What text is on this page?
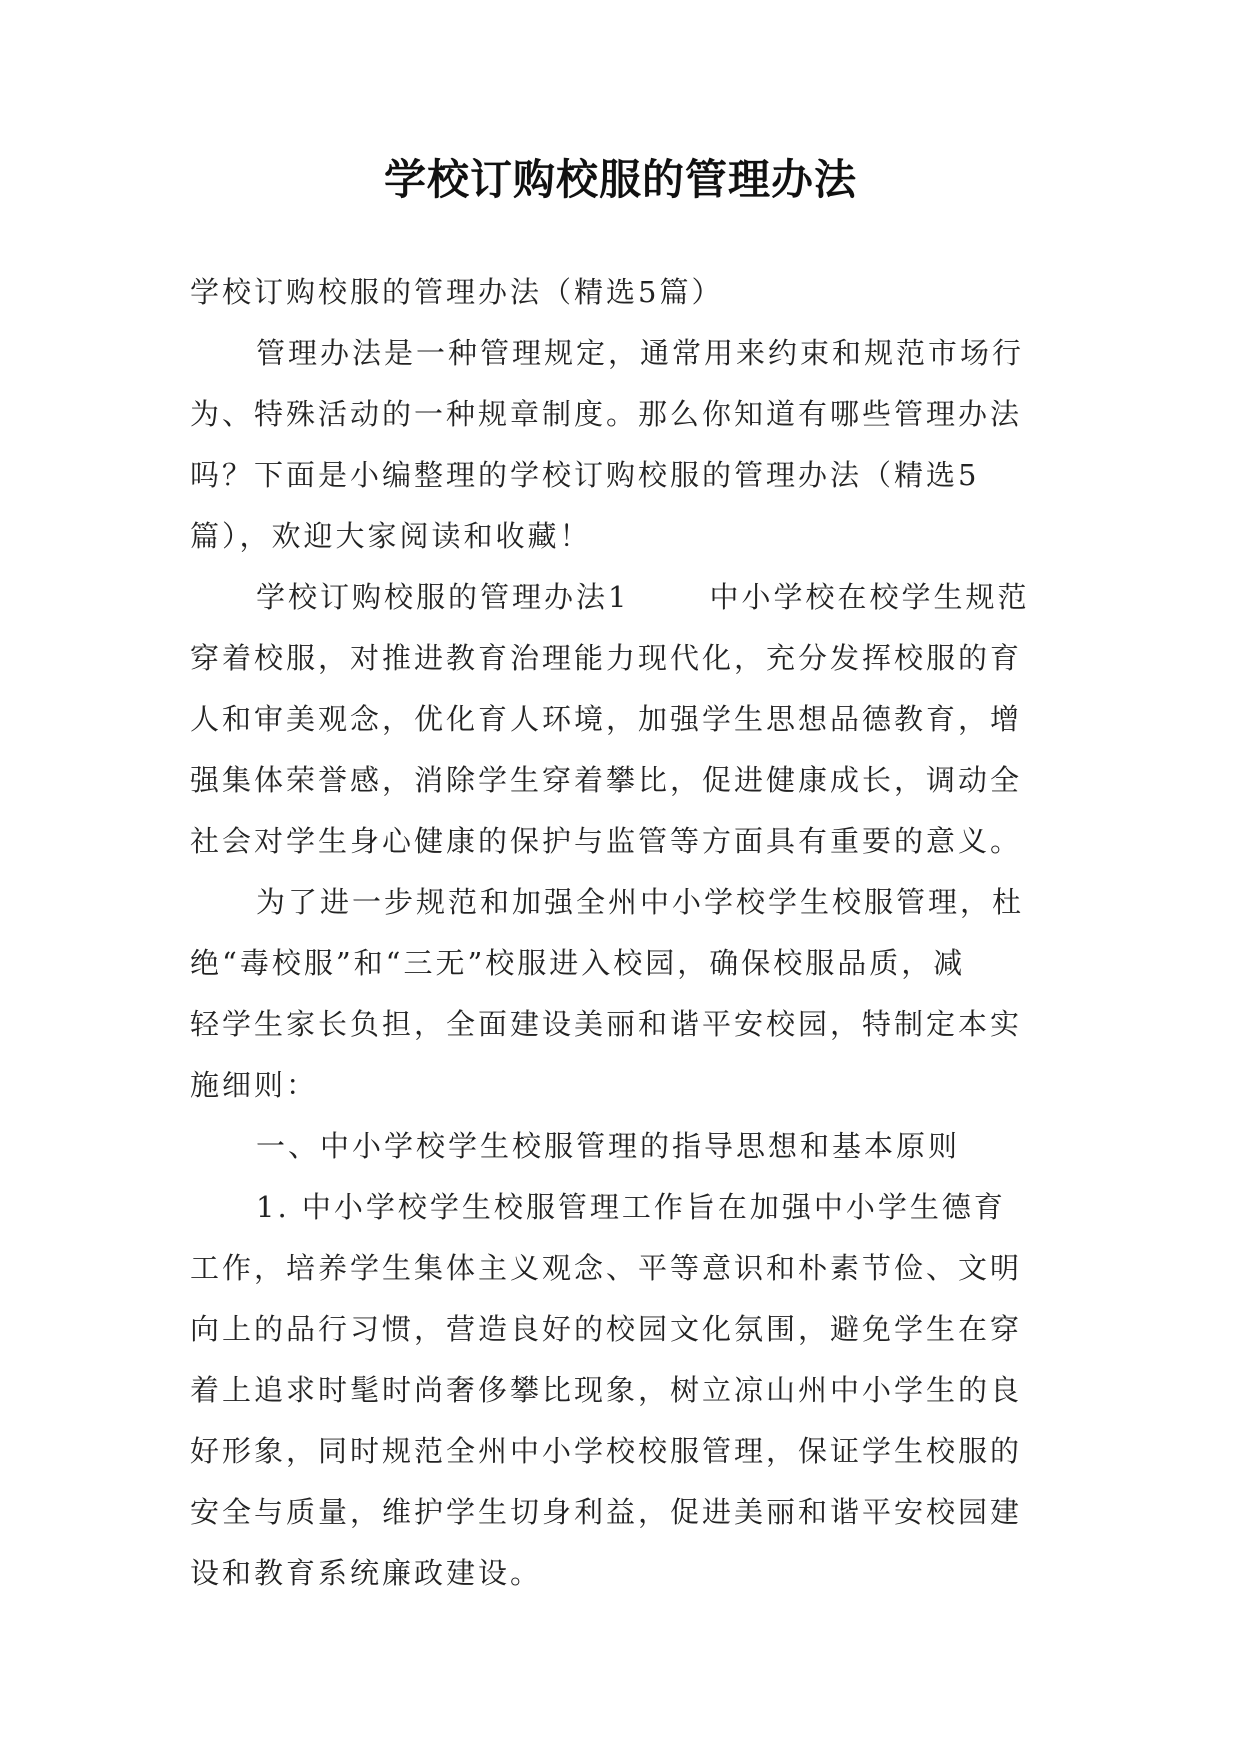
学校订购校服的管理办法
学校订购校服的管理办法（精选5篇）
管理办法是一种管理规定，通常用来约束和规范市场行
为、特殊活动的一种规章制度。那么你知道有哪些管理办法
吗？下面是小编整理的学校订购校服的管理办法（精选5
篇），欢迎大家阅读和收藏！
学校订购校服的管理办法1	中小学校在校学生规范
穿着校服，对推进教育治理能力现代化，充分发挥校服的育
人和审美观念，优化育人环境，加强学生思想品德教育，增
强集体荣誉感，消除学生穿着攀比，促进健康成长，调动全
社会对学生身心健康的保护与监管等方面具有重要的意义。
为了进一步规范和加强全州中小学校学生校服管理，杜
绝“毒校服”和“三无”校服进入校园，确保校服品质，减
轻学生家长负担，全面建设美丽和谐平安校园，特制定本实
施细则：
一、中小学校学生校服管理的指导思想和基本原则
1. 中小学校学生校服管理工作旨在加强中小学生德育
工作，培养学生集体主义观念、平等意识和朴素节俭、文明
向上的品行习惯，营造良好的校园文化氛围，避免学生在穿
着上追求时髦时尚奢侈攀比现象，树立凉山州中小学生的良
好形象，同时规范全州中小学校校服管理，保证学生校服的
安全与质量，维护学生切身利益，促进美丽和谐平安校园建
设和教育系统廉政建设。
